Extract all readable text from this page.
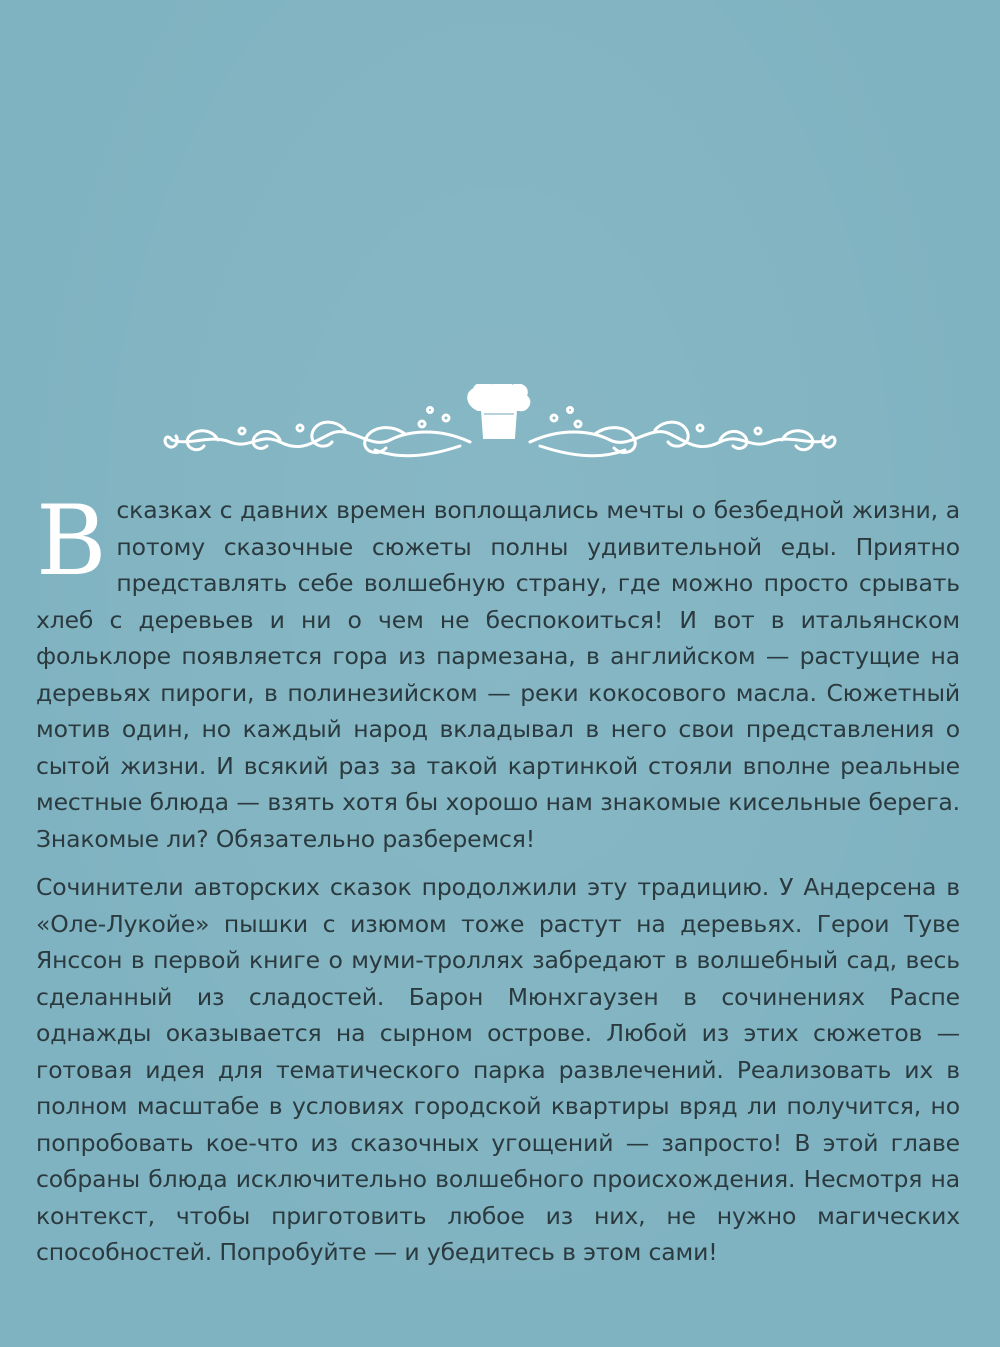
В сказках с давних времен воплощались мечты о безбедной жизни, а потому сказочные сюжеты полны удивительной еды. Приятно представлять себе волшебную страну, где можно просто срывать хлеб с деревьев и ни о чем не беспокоиться! И вот в итальянском фольклоре появляется гора из пармезана, в английском — растущие на деревьях пироги, в полинезийском — реки кокосового масла. Сюжетный мотив один, но каждый народ вкладывал в него свои представления о сытой жизни. И всякий раз за такой картинкой стояли вполне реальные местные блюда — взять хотя бы хорошо нам знакомые кисельные берега. Знакомые ли? Обязательно разберемся!

Сочинители авторских сказок продолжили эту традицию. У Андерсена в «Оле-Лукойе» пышки с изюмом тоже растут на деревьях. Герои Туве Янссон в первой книге о муми-троллях забредают в волшебный сад, весь сделанный из сладостей. Барон Мюнхгаузен в сочинениях Распе однажды оказывается на сырном острове. Любой из этих сюжетов — готовая идея для тематического парка развлечений. Реализовать их в полном масштабе в условиях городской квартиры вряд ли получится, но попробовать кое-что из сказочных угощений — запросто! В этой главе собраны блюда исключительно волшебного происхождения. Несмотря на контекст, чтобы приготовить любое из них, не нужно магических способностей. Попробуйте — и убедитесь в этом сами!
